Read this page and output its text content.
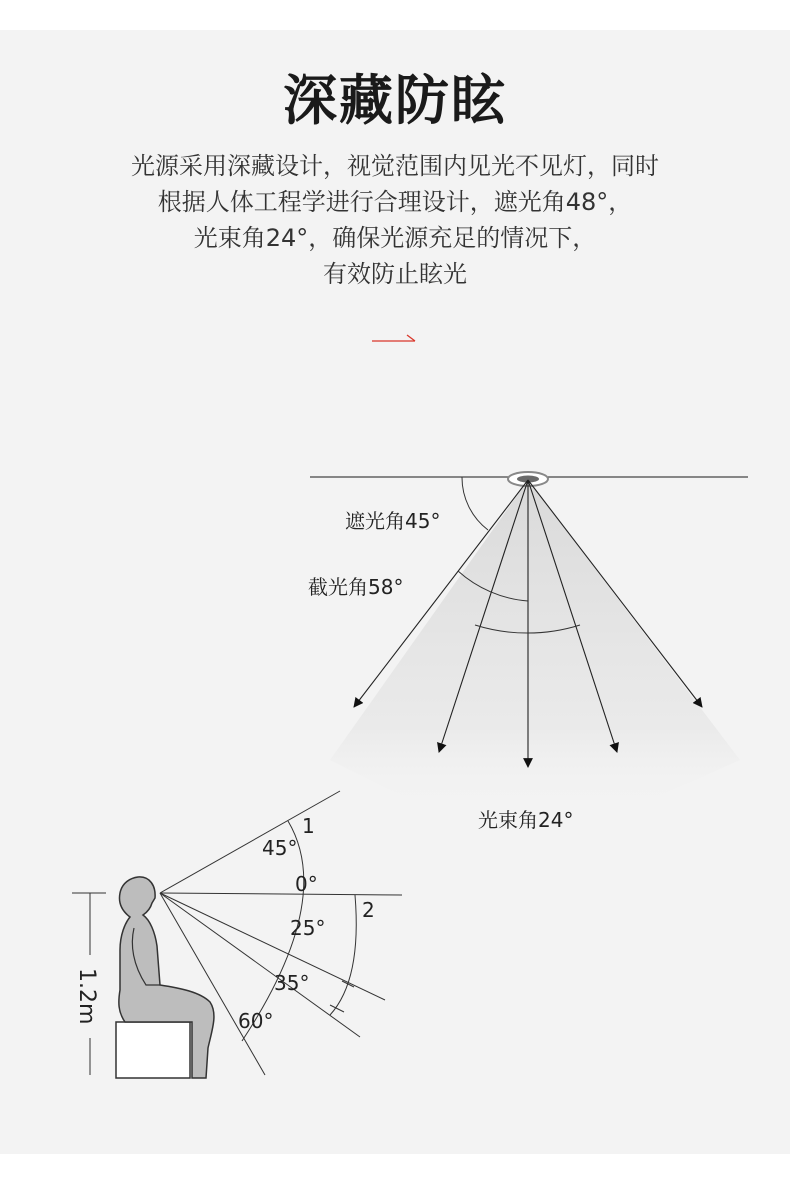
深藏防眩
光源采用深藏设计，视觉范围内见光不见灯，同时
根据人体工程学进行合理设计，遮光角48°，
光束角24°，确保光源充足的情况下，
有效防止眩光
遮光角45°
截光角58°
光束角24°
1.2m
45°
0°
25°
35°
60°
1
2
